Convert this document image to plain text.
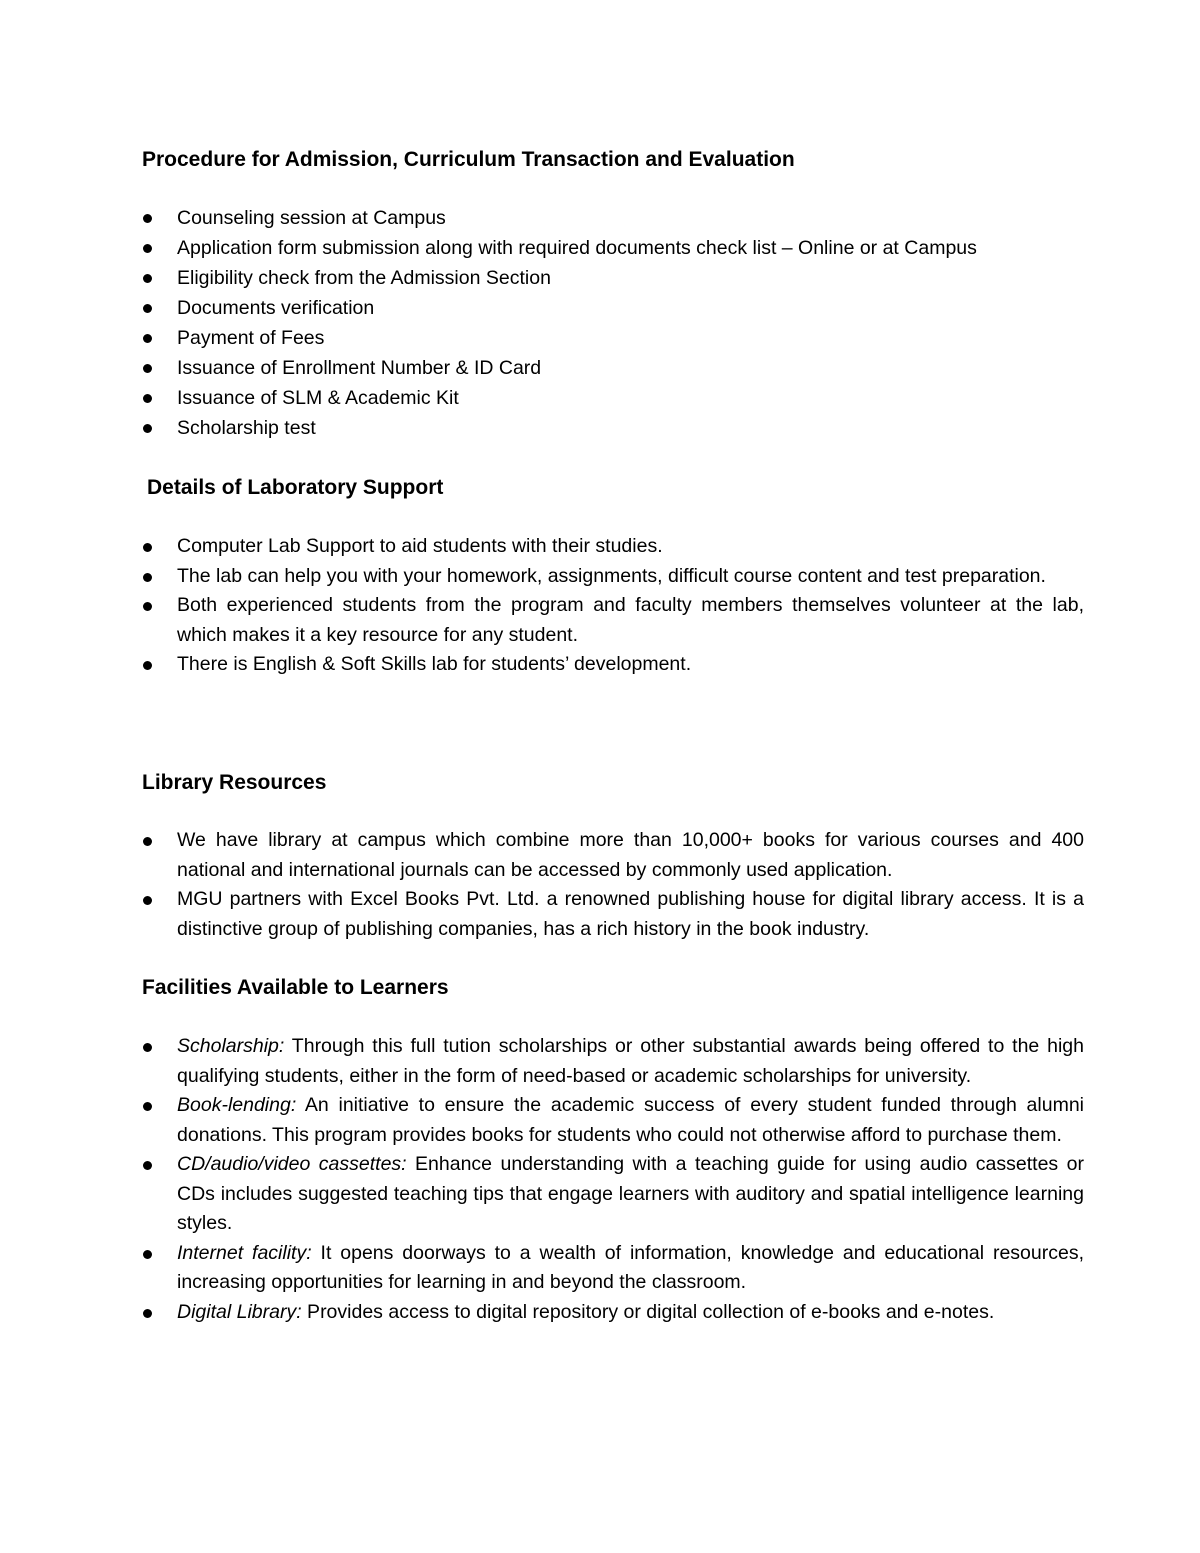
Procedure for Admission, Curriculum Transaction and Evaluation
Counseling session at Campus
Application form submission along with required documents check list – Online or at Campus
Eligibility check from the Admission Section
Documents verification
Payment of Fees
Issuance of Enrollment Number & ID Card
Issuance of SLM & Academic Kit
Scholarship test
Details of Laboratory Support
Computer Lab Support to aid students with their studies.
The lab can help you with your homework, assignments, difficult course content and test preparation.
Both experienced students from the program and faculty members themselves volunteer at the lab, which makes it a key resource for any student.
There is English & Soft Skills lab for students’ development.
Library Resources
We have library at campus which combine more than 10,000+ books for various courses and 400 national and international journals can be accessed by commonly used application.
MGU partners with Excel Books Pvt. Ltd. a renowned publishing house for digital library access. It is a distinctive group of publishing companies, has a rich history in the book industry.
Facilities Available to Learners
Scholarship: Through this full tution scholarships or other substantial awards being offered to the high qualifying students, either in the form of need-based or academic scholarships for university.
Book-lending: An initiative to ensure the academic success of every student funded through alumni donations. This program provides books for students who could not otherwise afford to purchase them.
CD/audio/video cassettes: Enhance understanding with a teaching guide for using audio cassettes or CDs includes suggested teaching tips that engage learners with auditory and spatial intelligence learning styles.
Internet facility: It opens doorways to a wealth of information, knowledge and educational resources, increasing opportunities for learning in and beyond the classroom.
Digital Library: Provides access to digital repository or digital collection of e-books and e-notes.
